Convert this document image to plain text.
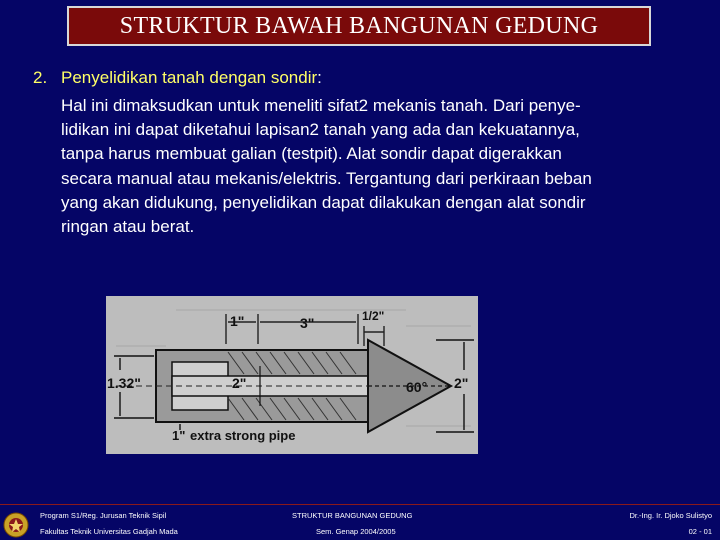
STRUKTUR BAWAH BANGUNAN GEDUNG
2. Penyelidikan tanah dengan sondir:
Hal ini dimaksudkan untuk meneliti sifat2 mekanis tanah. Dari penye-
lidikan ini dapat diketahui lapisan2 tanah yang ada dan kekuatannya,
tanpa harus membuat galian (testpit). Alat sondir dapat digerakkan
secara manual atau mekanis/elektris. Tergantung dari perkiraan beban
yang akan didukung, penyelidikan dapat dilakukan dengan alat sondir
ringan atau berat.
1"	3"	1/2"
2"
1.32"	2"
60°
1" extra strong pipe
Program S1/Reg. Jurusan Teknik Sipil
Fakultas Teknik Universitas Gadjah Mada
STRUKTUR BANGUNAN GEDUNG
Sem. Genap 2004/2005
Dr.-Ing. Ir. Djoko Sulistyo
02 - 01
